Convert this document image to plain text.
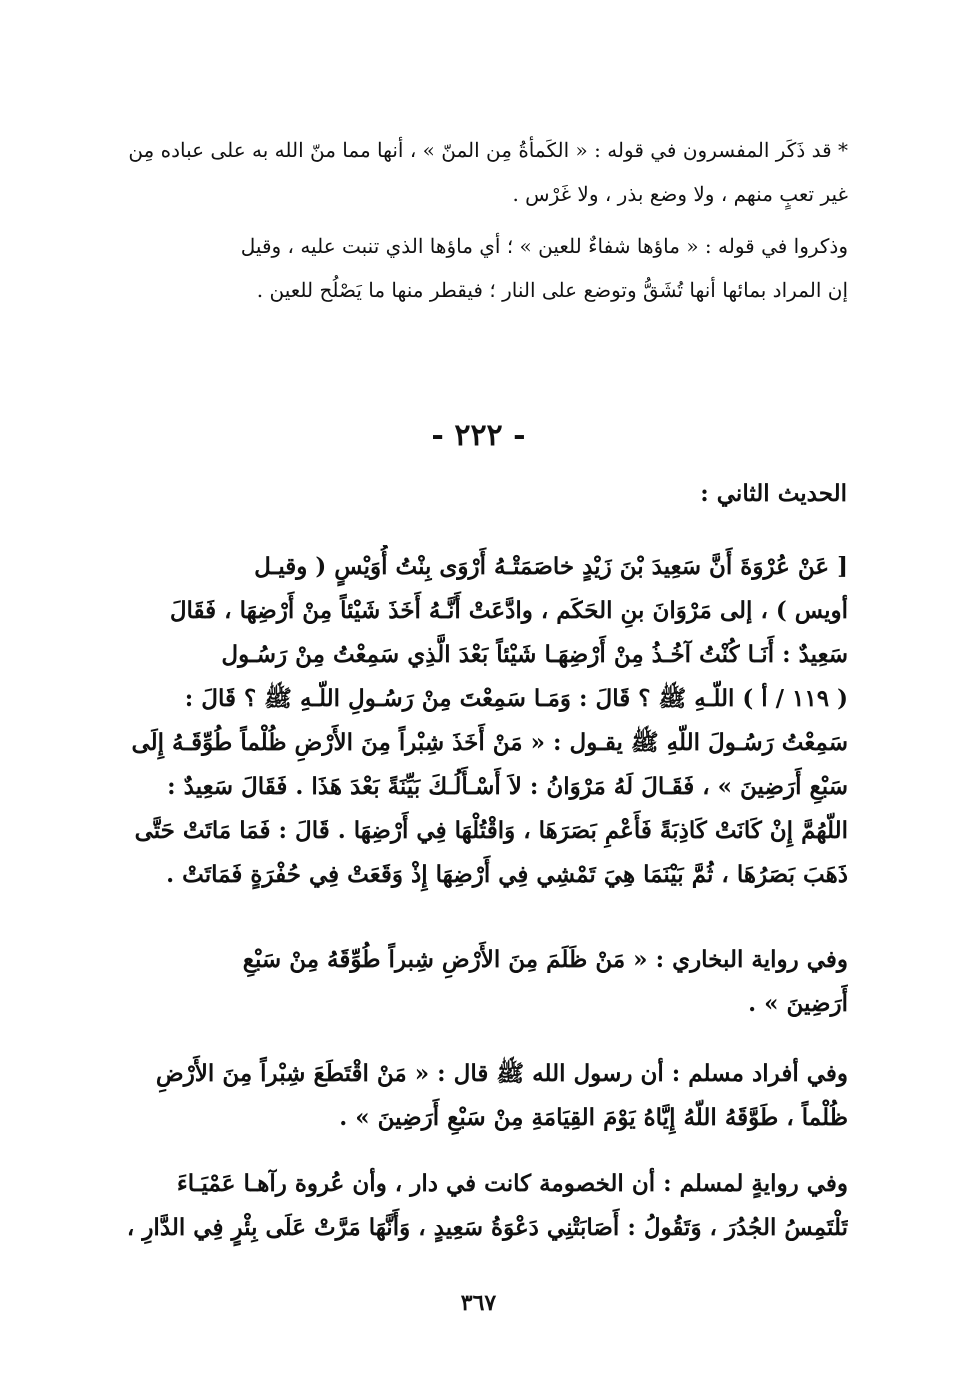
* قد ذَكَر المفسرون في قوله : « الكَمأةُ مِن المنّ » ، أنها مما منّ الله به على عباده مِن
غير تعبٍ منهم ، ولا وضع بذر ، ولا غَرْس .
وذكروا في قوله : « ماؤها شفاءٌ للعين » ؛ أي ماؤها الذي تنبت عليه ، وقيل
إن المراد بمائها أنها تُشَقُّ وتوضع على النار ؛ فيقطر منها ما يَصْلُح للعين .
- ٢٢٢ -
الحديث الثاني :
[ عَنْ عُرْوَةَ أَنَّ سَعِيدَ بْنَ زَيْدٍ خاصَمَتْـهُ أَرْوَى بِنْتُ أُوَيْسٍ ( وقيـل
أويس ) ، إلى مَرْوَانَ بنِ الحَكَم ، وادَّعَتْ أَنَّـهُ أَخَذَ شَيْئاً مِنْ أَرْضِهَا ، فَقَالَ
سَعِيدٌ : أَنَـا كُنْتُ آخُـذُ مِنْ أَرْضِهَـا شَيْئاً بَعْدَ الَّذِي سَمِعْتُ مِنْ رَسُـول
( ١١٩ / أ ) اللّـهِ ﷺ ؟ قَالَ : وَمَـا سَمِعْتَ مِنْ رَسُـولِ اللّـهِ ﷺ ؟ قَالَ :
سَمِعْتُ رَسُـولَ اللّهِ ﷺ يقـول : « مَنْ أَخَذَ شِبْراً مِنَ الأَرْضِ ظُلْماً طُوِّقَـهُ إِلَى
سَبْعِ أَرَضِينَ » ، فَقَـالَ لَهُ مَرْوَانُ : لاَ أَسْـأَلُـكَ بَيِّنَةً بَعْدَ هَذَا . فَقَالَ سَعِيدٌ :
اللّهُمَّ إِنْ كَانَتْ كَاذِبَةً فَأَعْمِ بَصَرَهَا ، وَاقْتُلْهَا فِي أَرْضِهَا . قَالَ : فَمَا مَاتَتْ حَتَّى
ذَهَبَ بَصَرُهَا ، ثُمَّ بَيْنَمَا هِيَ تَمْشِي فِي أَرْضِهَا إِذْ وَقَعَتْ فِي حُفْرَةٍ فَمَاتَتْ .
وفي رواية البخاري : « مَنْ ظَلَمَ مِنَ الأَرْضِ شِبراً طُوِّقَهُ مِنْ سَبْعِ
أَرَضِينَ » .
وفي أفراد مسلم : أن رسول الله ﷺ قال : « مَنْ اقْتَطَعَ شِبْراً مِنَ الأَرْضِ
ظُلْماً ، طَوَّقَهُ اللّهُ إِيَّاهُ يَوْمَ القِيَامَةِ مِنْ سَبْعِ أَرَضِينَ » .
وفي روايةٍ لمسلم : أن الخصومة كانت في دار ، وأن عُروة رآهـا عَمْيَـاءَ
تَلْتَمِسُ الجُدُرَ ، وَتَقُولُ : أَصَابَتْنِي دَعْوَةُ سَعِيدٍ ، وَأَنَّهَا مَرَّتْ عَلَى بِئْرٍ فِي الدَّارِ ،
٣٦٧
